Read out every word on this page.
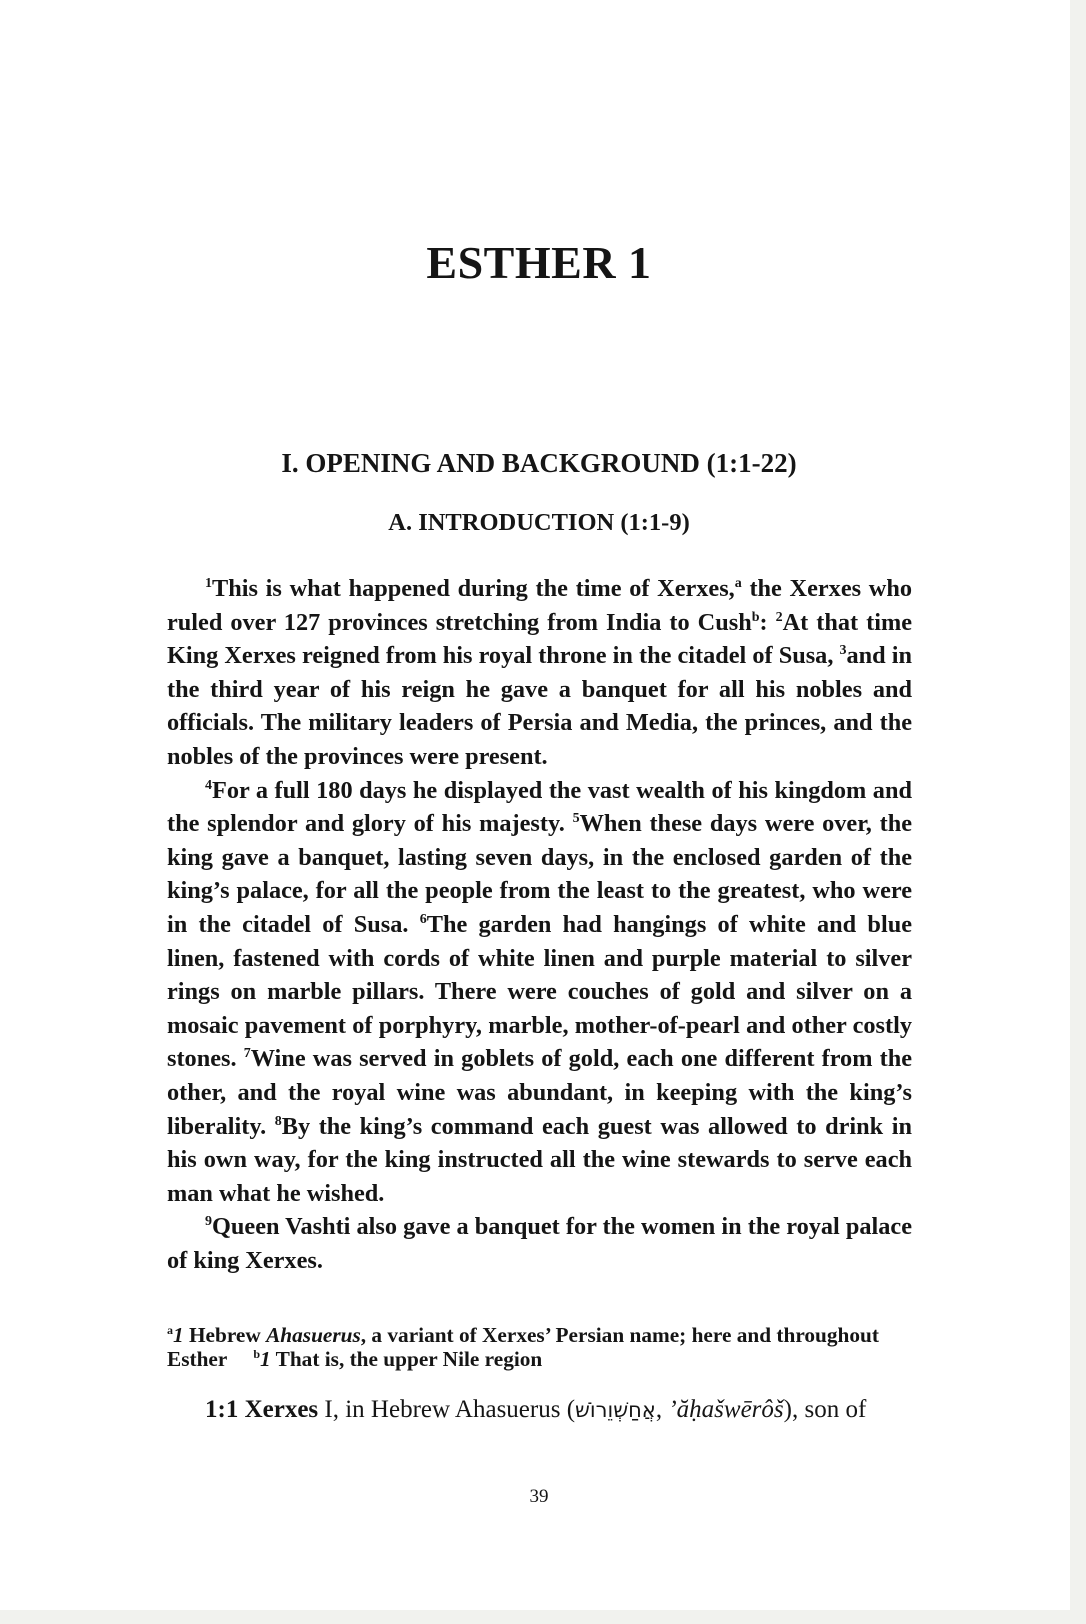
ESTHER 1
I. OPENING AND BACKGROUND (1:1-22)
A. INTRODUCTION (1:1-9)

$^1$This is what happened during the time of Xerxes,$^a$ the Xerxes who ruled over 127 provinces stretching from India to Cush$^b$: $^2$At that time King Xerxes reigned from his royal throne in the citadel of Susa, $^3$and in the third year of his reign he gave a banquet for all his nobles and officials. The military leaders of Persia and Media, the princes, and the nobles of the provinces were present.

$^4$For a full 180 days he displayed the vast wealth of his kingdom and the splendor and glory of his majesty. $^5$When these days were over, the king gave a banquet, lasting seven days, in the enclosed garden of the king’s palace, for all the people from the least to the greatest, who were in the citadel of Susa. $^6$The garden had hangings of white and blue linen, fastened with cords of white linen and purple material to silver rings on marble pillars. There were couches of gold and silver on a mosaic pavement of porphyry, marble, mother-of-pearl and other costly stones. $^7$Wine was served in goblets of gold, each one different from the other, and the royal wine was abundant, in keeping with the king’s liberality. $^8$By the king’s command each guest was allowed to drink in his own way, for the king instructed all the wine stewards to serve each man what he wished.

$^9$Queen Vashti also gave a banquet for the women in the royal palace of king Xerxes.

$^a$1 Hebrew Ahasuerus, a variant of Xerxes’ Persian name; here and throughout Esther $^b$1 That is, the upper Nile region

1:1 Xerxes I, in Hebrew Ahasuerus (אֲחַשְׁוֵרוֹשׁ, ’ăḥašwērôš), son of
39
